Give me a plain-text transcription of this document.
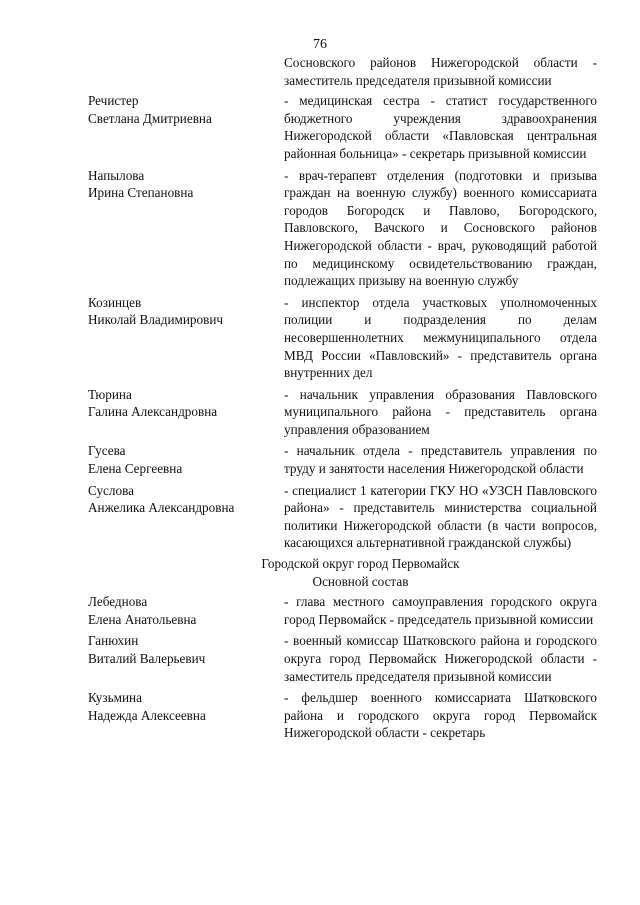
76
Сосновского районов Нижегородской области - заместитель председателя призывной комиссии
Речистер
Светлана Дмитриевна
- медицинская сестра - статист государственного бюджетного учреждения здравоохранения Нижегородской области «Павловская центральная районная больница» - секретарь призывной комиссии
Напылова
Ирина Степановна
- врач-терапевт отделения (подготовки и призыва граждан на военную службу) военного комиссариата городов Богородск и Павлово, Богородского, Павловского, Вачского и Сосновского районов Нижегородской области - врач, руководящий работой по медицинскому освидетельствованию граждан, подлежащих призыву на военную службу
Козинцев
Николай Владимирович
- инспектор отдела участковых уполномоченных полиции и подразделения по делам несовершеннолетних межмуниципального отдела МВД России «Павловский» - представитель органа внутренних дел
Тюрина
Галина Александровна
- начальник управления образования Павловского муниципального района - представитель органа управления образованием
Гусева
Елена Сергеевна
- начальник отдела - представитель управления по труду и занятости населения Нижегородской области
Суслова
Анжелика Александровна
- специалист 1 категории ГКУ НО «УЗСН Павловского района» - представитель министерства социальной политики Нижегородской области (в части вопросов, касающихся альтернативной гражданской службы)
Городской округ город Первомайск
Основной состав
Лебеднова
Елена Анатольевна
- глава местного самоуправления городского округа город Первомайск - председатель призывной комиссии
Ганюхин
Виталий Валерьевич
- военный комиссар Шатковского района и городского округа город Первомайск Нижегородской области - заместитель председателя призывной комиссии
Кузьмина
Надежда Алексеевна
- фельдшер военного комиссариата Шатковского района и городского округа город Первомайск Нижегородской области - секретарь
